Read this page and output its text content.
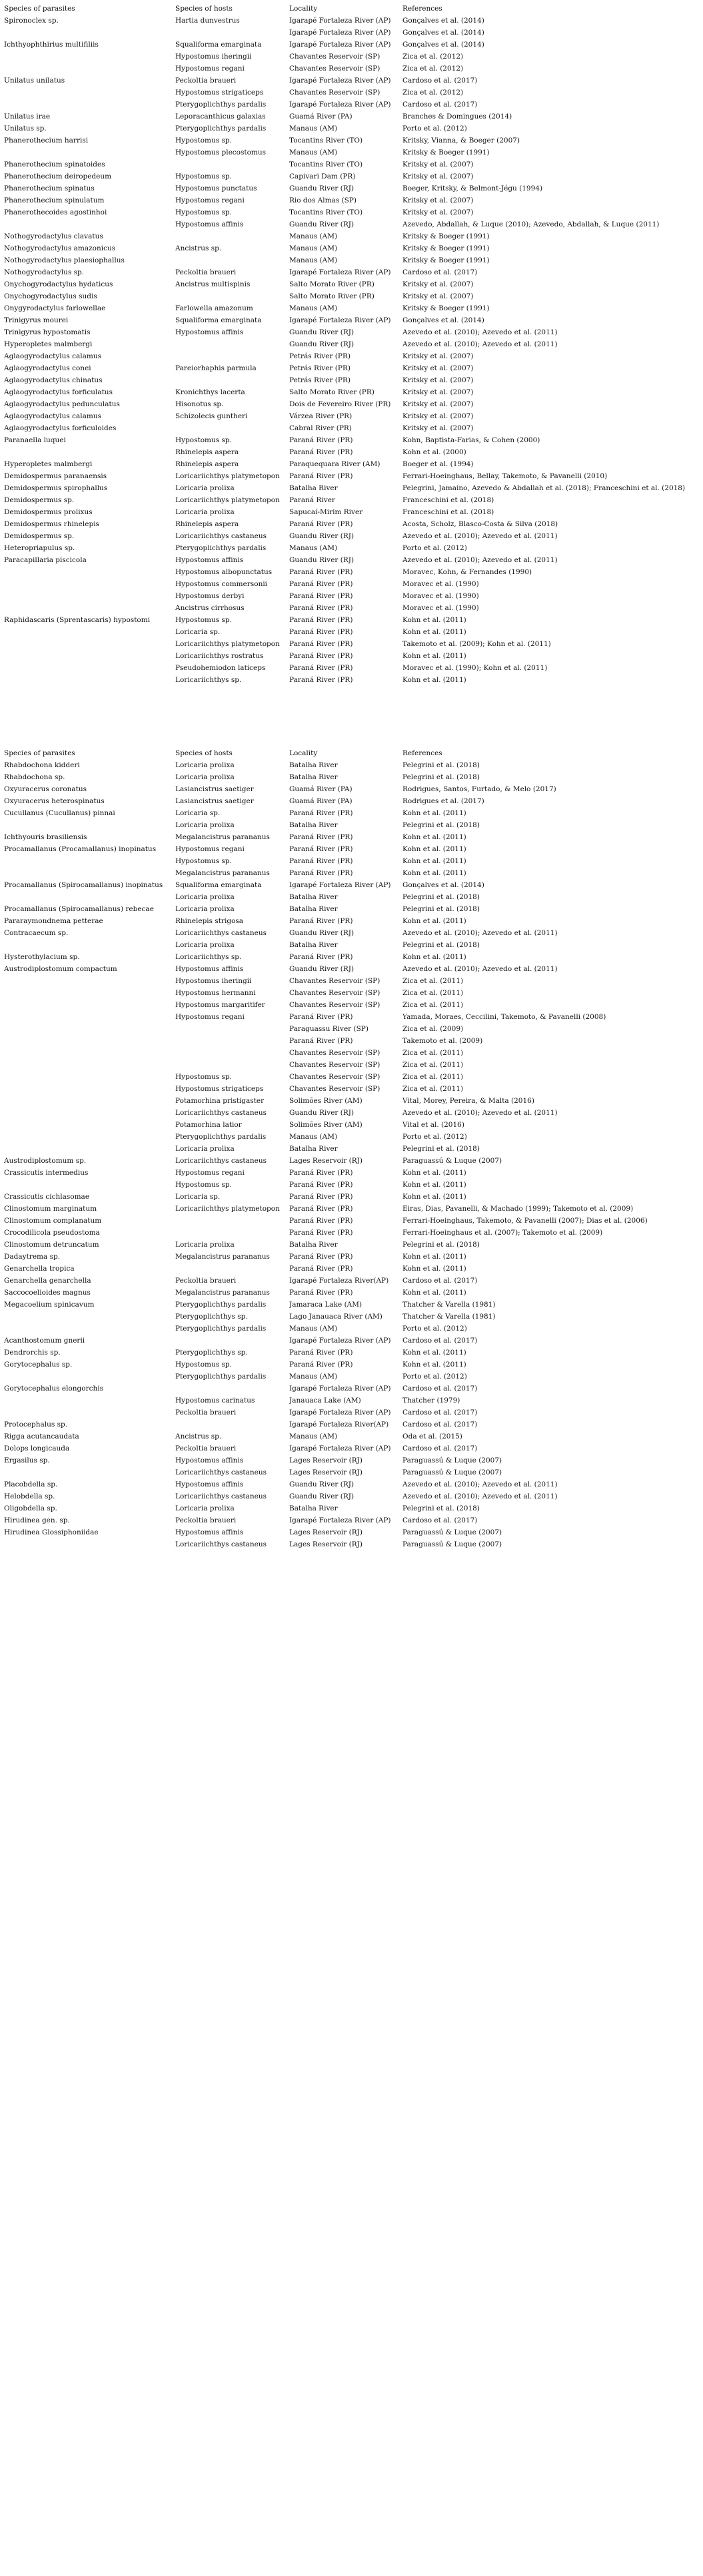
Species of parasites	Species of hosts	Locality	References
Spironoclex sp.	Hartia dunvestrus	Igarapé Fortaleza River (AP)	Gonçalves et al. (2014)
		Igarapé Fortaleza River (AP)	Gonçalves et al. (2014)
Ichthyophthirius multifiliis	Squaliforma emarginata	Igarapé Fortaleza River (AP)	Gonçalves et al. (2014)
	Hypostomus iheringii	Chavantes Reservoir (SP)	Zica et al. (2012)
	Hypostomus regani	Chavantes Reservoir (SP)	Zica et al. (2012)
Unilatus unilatus	Peckoltia braueri	Igarapé Fortaleza River (AP)	Cardoso et al. (2017)
	Hypostomus strigaticeps	Chavantes Reservoir (SP)	Zica et al. (2012)
	Pterygoplichthys pardalis	Igarapé Fortaleza River (AP)	Cardoso et al. (2017)
Unilatus irae	Leporacanthicus galaxias	Guamá River (PA)	Branches & Domingues (2014)
Unilatus sp.	Pterygoplichthys pardalis	Manaus (AM)	Porto et al. (2012)
Phanerothecium harrisi	Hypostomus sp.	Tocantins River (TO)	Kritsky, Vianna, & Boeger (2007)
	Hypostomus plecostomus	Manaus (AM)	Kritsky & Boeger (1991)
Phanerothecium spinatoides		Tocantins River (TO)	Kritsky et al. (2007)
Phanerothecium deiropedeum	Hypostomus sp.	Capivari Dam (PR)	Kritsky et al. (2007)
Phanerothecium spinatus	Hypostomus punctatus	Guandu River (RJ)	Boeger, Kritsky, & Belmont-Jégu (1994)
Phanerothecium spinulatum	Hypostomus regani	Rio dos Almas (SP)	Kritsky et al. (2007)
Phanerothecoides agostinhoi	Hypostomus sp.	Tocantins River (TO)	Kritsky et al. (2007)
	Hypostomus affinis	Guandu River (RJ)	Azevedo, Abdallah, & Luque (2010); Azevedo, Abdallah, & Luque (2011)
Nothogyrodactylus clavatus		Manaus (AM)	Kritsky & Boeger (1991)
Nothogyrodactylus amazonicus	Ancistrus sp.	Manaus (AM)	Kritsky & Boeger (1991)
Nothogyrodactylus plaesiophallus		Manaus (AM)	Kritsky & Boeger (1991)
Nothogyrodactylus sp.	Peckoltia braueri	Igarapé Fortaleza River (AP)	Cardoso et al. (2017)
Onychogyrodactylus hydaticus	Ancistrus multispinis	Salto Morato River (PR)	Kritsky et al. (2007)
Onychogyrodactylus sudis		Salto Morato River (PR)	Kritsky et al. (2007)
Onygyrodactylus farlowellae	Farlowella amazonum	Manaus (AM)	Kritsky & Boeger (1991)
Trinigyrus mourei	Squaliforma emarginata	Igarapé Fortaleza River (AP)	Gonçalves et al. (2014)
Trinigyrus hypostomatis	Hypostomus affinis	Guandu River (RJ)	Azevedo et al. (2010); Azevedo et al. (2011)
Hyperopletes malmbergi		Guandu River (RJ)	Azevedo et al. (2010); Azevedo et al. (2011)
Aglaogyrodactylus calamus		Petrás River (PR)	Kritsky et al. (2007)
Aglaogyrodactylus conei	Pareiorhaphis parmula	Petrás River (PR)	Kritsky et al. (2007)
Aglaogyrodactylus chinatus		Petrás River (PR)	Kritsky et al. (2007)
Aglaogyrodactylus forficulatus	Kronichthys lacerta	Salto Morato River (PR)	Kritsky et al. (2007)
Aglaogyrodactylus pedunculatus	Hisonotus sp.	Dois de Fevereiro River (PR)	Kritsky et al. (2007)
Aglaogyrodactylus calamus	Schizolecis guntheri	Várzea River (PR)	Kritsky et al. (2007)
Aglaogyrodactylus forficuloides		Cabral River (PR)	Kritsky et al. (2007)
Paranaella luquei	Hypostomus sp.	Paraná River (PR)	Kohn, Baptista-Farias, & Cohen (2000)
	Rhinelepis aspera	Paraná River (PR)	Kohn et al. (2000)
Hyperopletes malmbergi	Rhinelepis aspera	Paraquequara River (AM)	Boeger et al. (1994)
Demidospermus paranaensis	Loricariichthys platymetopon	Paraná River (PR)	Ferrari-Hoeinghaus, Bellay, Takemoto, & Pavanelli (2010)
Demidospermus spirophallus	Loricaria prolixa	Batalha River	Pelegrini, Jamaino, Azevedo & Abdallah et al. (2018); Franceschini et al. (2018)
Demidospermus sp.	Loricariichthys platymetopon	Paraná River	Franceschini et al. (2018)
Demidospermus prolixus	Loricaria prolixa	Sapucaí-Mirim River	Franceschini et al. (2018)
Demidospermus rhinelepis	Rhinelepis aspera	Paraná River (PR)	Acosta, Scholz, Blasco-Costa & Silva (2018)
Demidospermus sp.	Loricariichthys castaneus	Guandu River (RJ)	Azevedo et al. (2010); Azevedo et al. (2011)
Heteropriapulus sp.	Pterygoplichthys pardalis	Manaus (AM)	Porto et al. (2012)
Paracapillaria piscicola	Hypostomus affinis	Guandu River (RJ)	Azevedo et al. (2010); Azevedo et al. (2011)
	Hypostomus albopunctatus	Paraná River (PR)	Moravec, Kohn, & Fernandes (1990)
	Hypostomus commersonii	Paraná River (PR)	Moravec et al. (1990)
	Hypostomus derbyi	Paraná River (PR)	Moravec et al. (1990)
	Ancistrus cirrhosus	Paraná River (PR)	Moravec et al. (1990)
Raphidascaris (Sprentascaris) hypostomi	Hypostomus sp.	Paraná River (PR)	Kohn et al. (2011)
	Loricaria sp.	Paraná River (PR)	Kohn et al. (2011)
	Loricariichthys platymetopon	Paraná River (PR)	Takemoto et al. (2009); Kohn et al. (2011)
	Loricariichthys rostratus	Paraná River (PR)	Kohn et al. (2011)
	Pseudohemiodon laticeps	Paraná River (PR)	Moravec et al. (1990); Kohn et al. (2011)
	Loricariichthys sp.	Paraná River (PR)	Kohn et al. (2011)
Species of parasites	Species of hosts	Locality	References
Rhabdochona kidderi	Loricaria prolixa	Batalha River	Pelegrini et al. (2018)
Rhabdochona sp.	Loricaria prolixa	Batalha River	Pelegrini et al. (2018)
Oxyuracerus coronatus	Lasiancistrus saetiger	Guamá River (PA)	Rodrigues, Santos, Furtado, & Melo (2017)
Oxyuracerus heterospinatus	Lasiancistrus saetiger	Guamá River (PA)	Rodrigues et al. (2017)
Cucullanus (Cucullanus) pinnai	Loricaria sp.	Paraná River (PR)	Kohn et al. (2011)
	Loricaria prolixa	Batalha River	Pelegrini et al. (2018)
Ichthyouris brasiliensis	Megalancistrus parananus	Paraná River (PR)	Kohn et al. (2011)
Procamallanus (Procamallanus) inopinatus	Hypostomus regani	Paraná River (PR)	Kohn et al. (2011)
	Hypostomus sp.	Paraná River (PR)	Kohn et al. (2011)
	Megalancistrus parananus	Paraná River (PR)	Kohn et al. (2011)
Procamallanus (Spirocamallanus) inopinatus	Squaliforma emarginata	Igarapé Fortaleza River (AP)	Gonçalves et al. (2014)
	Loricaria prolixa	Batalha River	Pelegrini et al. (2018)
Procamallanus (Spirocamallanus) rebecae	Loricaria prolixa	Batalha River	Pelegrini et al. (2018)
Pararaymondnema petterae	Rhinelepis strigosa	Paraná River (PR)	Kohn et al. (2011)
Contracaecum sp.	Loricariichthys castaneus	Guandu River (RJ)	Azevedo et al. (2010); Azevedo et al. (2011)
	Loricaria prolixa	Batalha River	Pelegrini et al. (2018)
Hysterothylacium sp.	Loricariichthys sp.	Paraná River (PR)	Kohn et al. (2011)
Austrodiplostomum compactum	Hypostomus affinis	Guandu River (RJ)	Azevedo et al. (2010); Azevedo et al. (2011)
	Hypostomus iheringii	Chavantes Reservoir (SP)	Zica et al. (2011)
	Hypostomus hermanni	Chavantes Reservoir (SP)	Zica et al. (2011)
	Hypostomus margaritifer	Chavantes Reservoir (SP)	Zica et al. (2011)
	Hypostomus regani	Paraná River (PR)	Yamada, Moraes, Ceccilini, Takemoto, & Pavanelli (2008)
		Paraguassu River (SP)	Zica et al. (2009)
		Paraná River (PR)	Takemoto et al. (2009)
		Chavantes Reservoir (SP)	Zica et al. (2011)
		Chavantes Reservoir (SP)	Zica et al. (2011)
	Hypostomus sp.	Chavantes Reservoir (SP)	Zica et al. (2011)
	Hypostomus strigaticeps	Chavantes Reservoir (SP)	Zica et al. (2011)
	Potamorhina pristigaster	Solimões River (AM)	Vital, Morey, Pereira, & Malta (2016)
	Loricariichthys castaneus	Guandu River (RJ)	Azevedo et al. (2010); Azevedo et al. (2011)
	Potamorhina latior	Solimões River (AM)	Vital et al. (2016)
	Pterygoplichthys pardalis	Manaus (AM)	Porto et al. (2012)
	Loricaria prolixa	Batalha River	Pelegrini et al. (2018)
Austrodiplostomum sp.	Loricariichthys castaneus	Lages Reservoir (RJ)	Paraguassú & Luque (2007)
Crassicutis intermedius	Hypostomus regani	Paraná River (PR)	Kohn et al. (2011)
	Hypostomus sp.	Paraná River (PR)	Kohn et al. (2011)
Crassicutis cichlasomae	Loricaria sp.	Paraná River (PR)	Kohn et al. (2011)
Clinostomum marginatum	Loricariichthys platymetopon	Paraná River (PR)	Eiras, Dias, Pavanelli, & Machado (1999); Takemoto et al. (2009)
Clinostomum complanatum		Paraná River (PR)	Ferrari-Hoeinghaus, Takemoto, & Pavanelli (2007); Dias et al. (2006)
Crocodilicola pseudostoma		Paraná River (PR)	Ferrari-Hoeinghaus et al. (2007); Takemoto et al. (2009)
Clinostomum detruncatum	Loricaria prolixa	Batalha River	Pelegrini et al. (2018)
Dadaytrema sp.	Megalancistrus parananus	Paraná River (PR)	Kohn et al. (2011)
Genarchella tropica		Paraná River (PR)	Kohn et al. (2011)
Genarchella genarchella	Peckoltia braueri	Igarapé Fortaleza River(AP)	Cardoso et al. (2017)
Saccocoelioides magnus	Megalancistrus parananus	Paraná River (PR)	Kohn et al. (2011)
Megacoelium spinicavum	Pterygoplichthys pardalis	Jamaraca Lake (AM)	Thatcher & Varella (1981)
	Pterygoplichthys sp.	Lago Janauaca River (AM)	Thatcher & Varella (1981)
	Pterygoplichthys pardalis	Manaus (AM)	Porto et al. (2012)
Acanthostomum gnerii		Igarapé Fortaleza River (AP)	Cardoso et al. (2017)
Dendrorchis sp.	Pterygoplichthys sp.	Paraná River (PR)	Kohn et al. (2011)
Gorytocephalus sp.	Hypostomus sp.	Paraná River (PR)	Kohn et al. (2011)
	Pterygoplichthys pardalis	Manaus (AM)	Porto et al. (2012)
Gorytocephalus elongorchis		Igarapé Fortaleza River (AP)	Cardoso et al. (2017)
	Hypostomus carinatus	Janauaca Lake (AM)	Thatcher (1979)
	Peckoltia braueri	Igarapé Fortaleza River (AP)	Cardoso et al. (2017)
Protocephalus sp.		Igarapé Fortaleza River(AP)	Cardoso et al. (2017)
Rigga acutancaudata	Ancistrus sp.	Manaus (AM)	Oda et al. (2015)
Dolops longicauda	Peckoltia braueri	Igarapé Fortaleza River (AP)	Cardoso et al. (2017)
Ergasilus sp.	Hypostomus affinis	Lages Reservoir (RJ)	Paraguassú & Luque (2007)
	Loricariichthys castaneus	Lages Reservoir (RJ)	Paraguassú & Luque (2007)
Placobdella sp.	Hypostomus affinis	Guandu River (RJ)	Azevedo et al. (2010); Azevedo et al. (2011)
Helobdella sp.	Loricariichthys castaneus	Guandu River (RJ)	Azevedo et al. (2010); Azevedo et al. (2011)
Oligobdella sp.	Loricaria prolixa	Batalha River	Pelegrini et al. (2018)
Hirudinea gen. sp.	Peckoltia braueri	Igarapé Fortaleza River (AP)	Cardoso et al. (2017)
Hirudinea Glossiphoniidae	Hypostomus affinis	Lages Reservoir (RJ)	Paraguassú & Luque (2007)
	Loricariichthys castaneus	Lages Reservoir (RJ)	Paraguassú & Luque (2007)
